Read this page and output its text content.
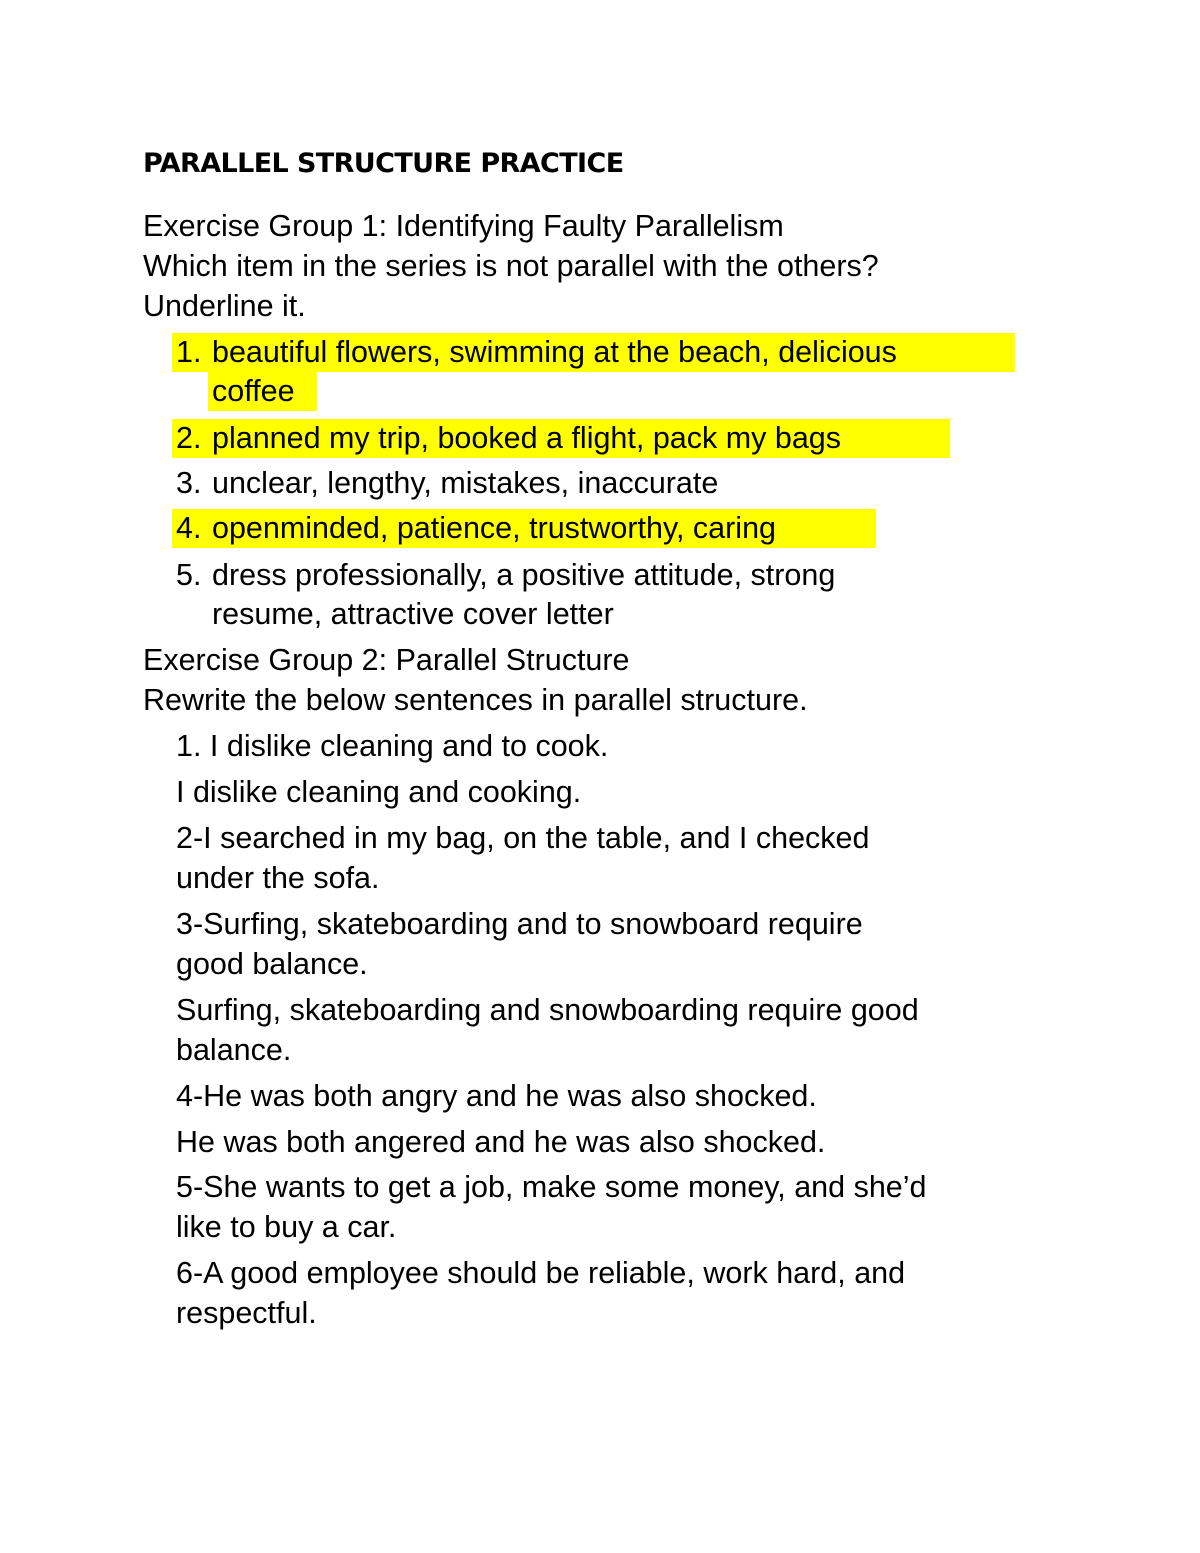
PARALLEL STRUCTURE PRACTICE
Exercise Group 1: Identifying Faulty Parallelism
Which item in the series is not parallel with the others?
Underline it.
1. beautiful flowers, swimming at the beach, delicious
coffee
2. planned my trip, booked a flight, pack my bags
3. unclear, lengthy, mistakes, inaccurate
4. openminded, patience, trustworthy, caring
5. dress professionally, a positive attitude, strong
resume, attractive cover letter
Exercise Group 2: Parallel Structure
Rewrite the below sentences in parallel structure.
1. I dislike cleaning and to cook.
I dislike cleaning and cooking.
2-I searched in my bag, on the table, and I checked
under the sofa.
3-Surfing, skateboarding and to snowboard require
good balance.
Surfing, skateboarding and snowboarding require good
balance.
4-He was both angry and he was also shocked.
He was both angered and he was also shocked.
5-She wants to get a job, make some money, and she’d
like to buy a car.
6-A good employee should be reliable, work hard, and
respectful.
